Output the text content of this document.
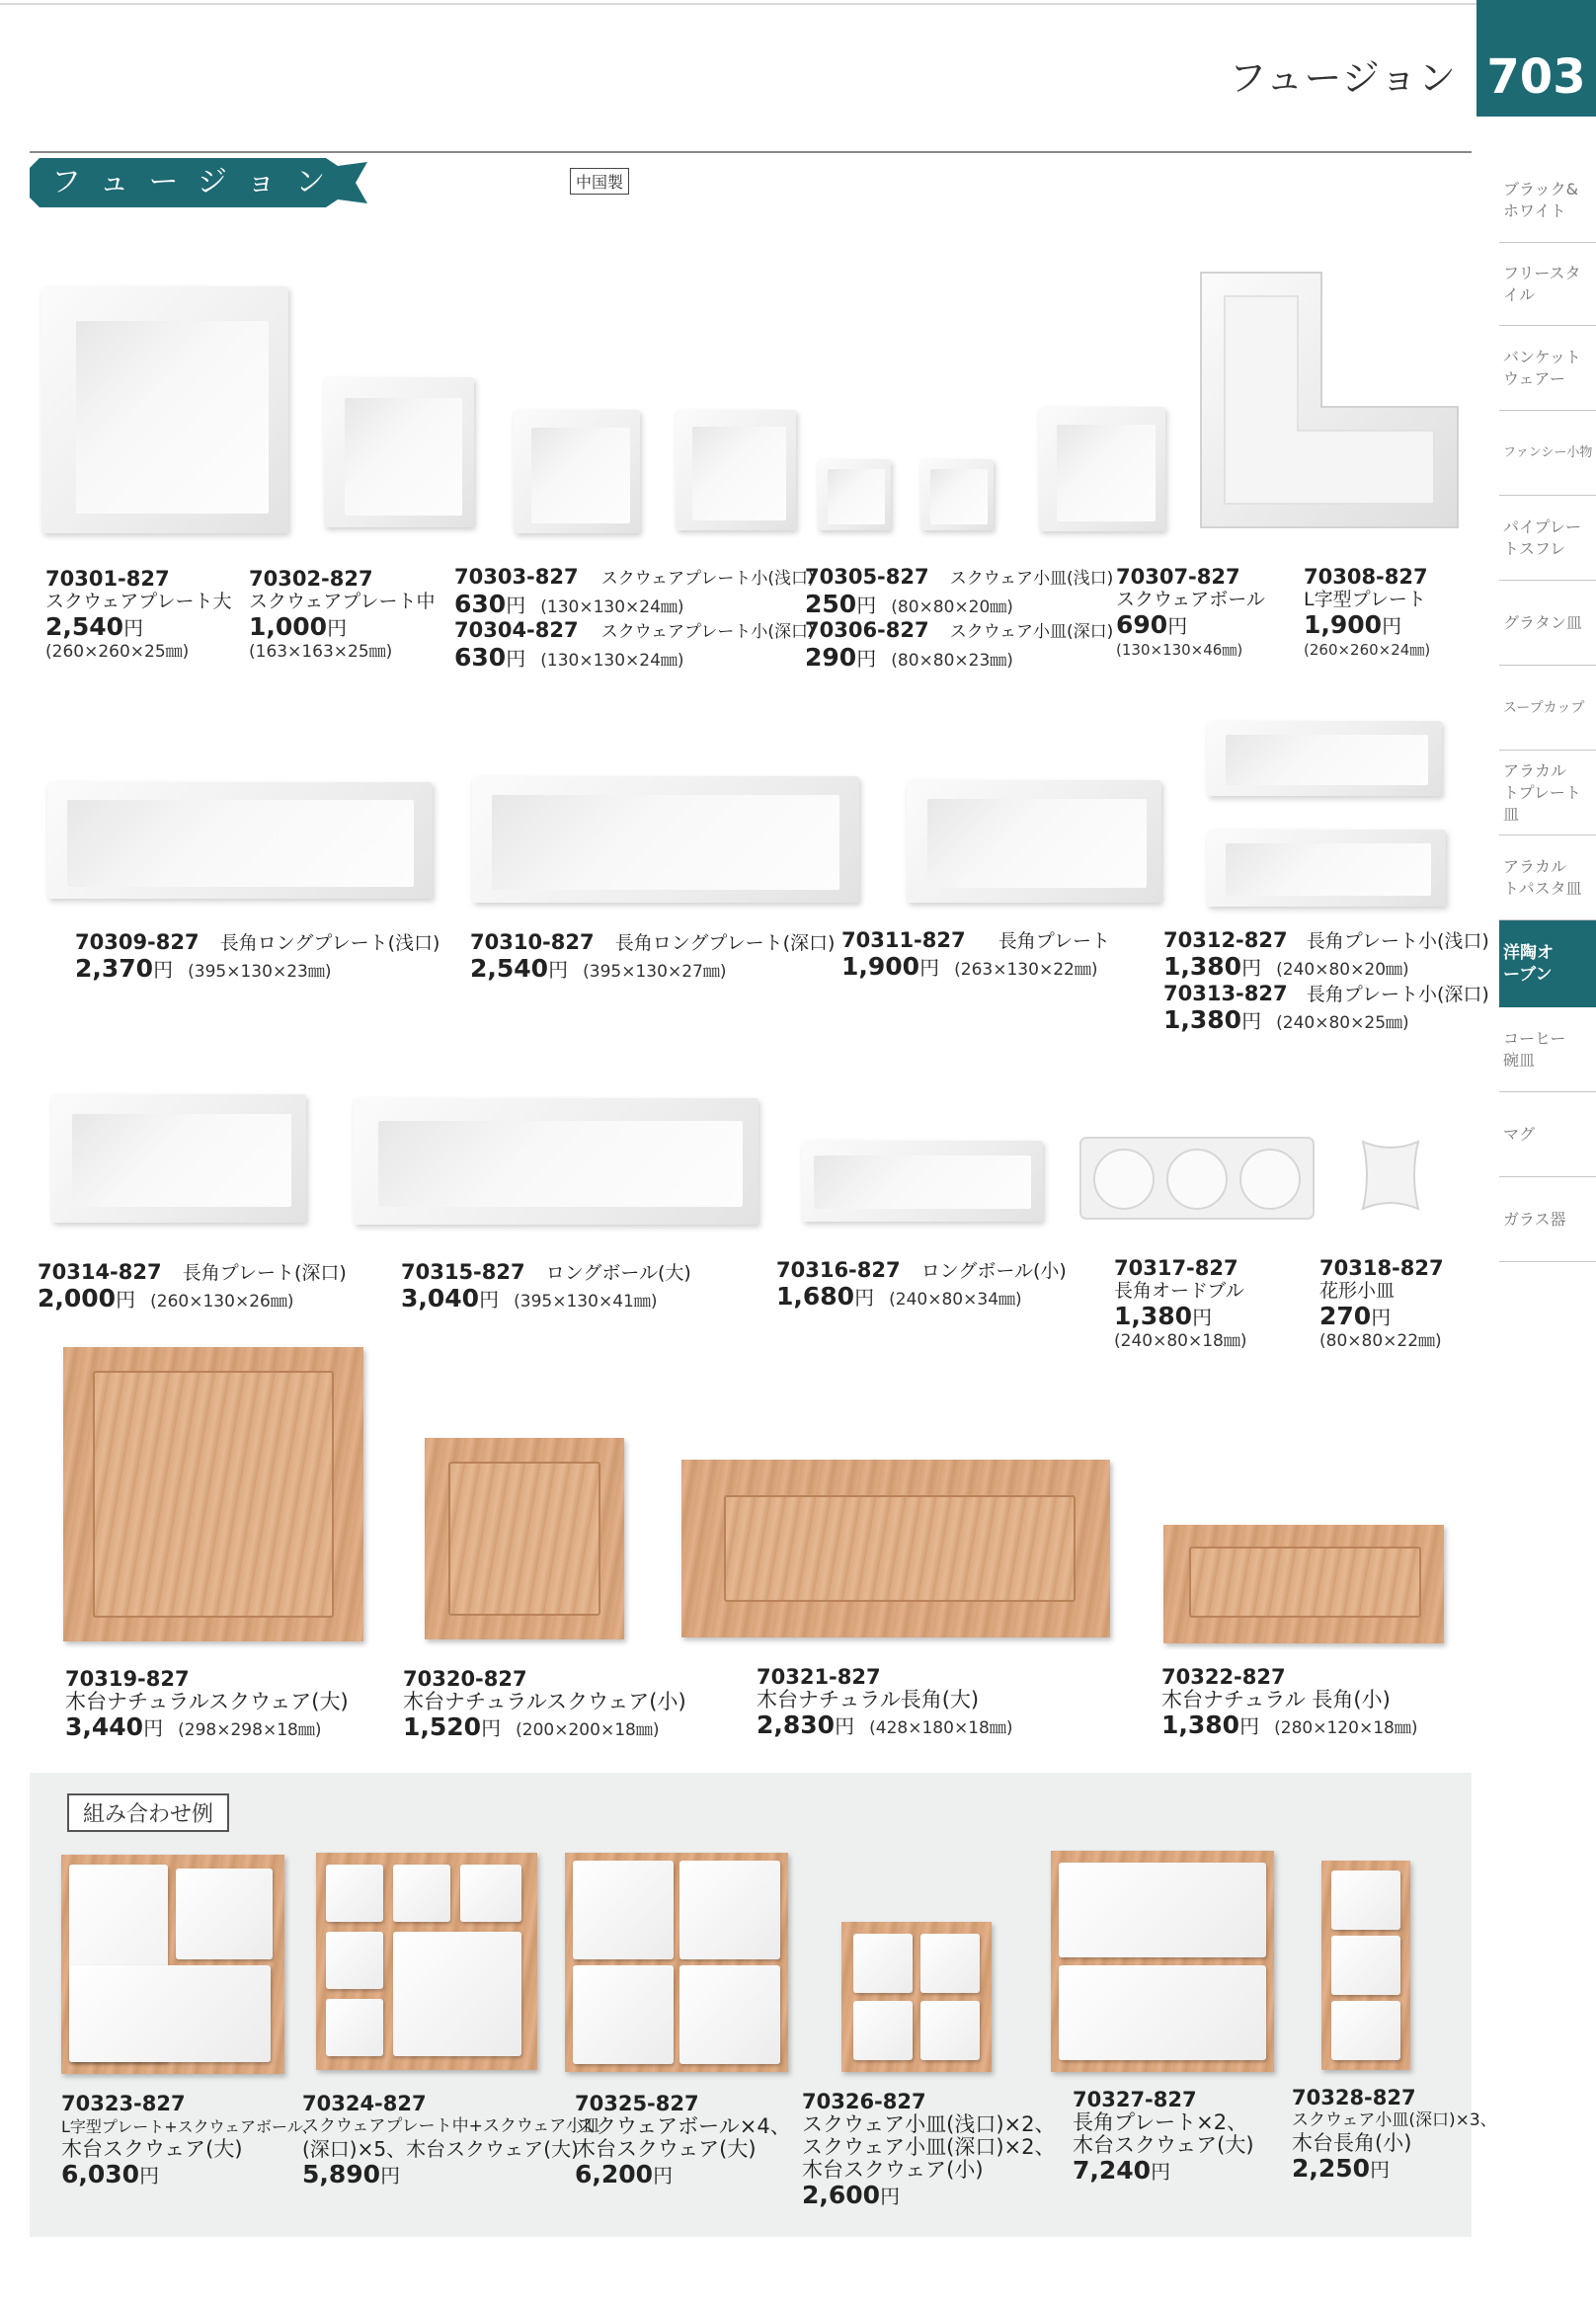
フュージョン 703
フュージョン	中国製	ブラック&ホワイト
フリースタイル
バンケットウェアー
ファンシー小物
パイプレートスフレ
グラタン皿
スープカップ
アラカルトプレート皿
アラカルトパスタ皿
洋陶オーブン
コーヒー碗皿
マグ
ガラス器
70301-827
スクウェアプレート大
2,540円
(260×260×25㎜)
70302-827
スクウェアプレート中
1,000円
(163×163×25㎜)
70303-827 スクウェアプレート小(浅口)
630円 (130×130×24㎜)
70304-827 スクウェアプレート小(深口)
630円 (130×130×24㎜)
70305-827 スクウェア小皿(浅口)
250円 (80×80×20㎜)
70306-827 スクウェア小皿(深口)
290円 (80×80×23㎜)
70307-827
スクウェアボール
690円
(130×130×46㎜)
70308-827
L字型プレート
1,900円
(260×260×24㎜)
70309-827 長角ロングプレート(浅口)
2,370円 (395×130×23㎜)
70310-827 長角ロングプレート(深口)
2,540円 (395×130×27㎜)
70311-827 長角プレート
1,900円 (263×130×22㎜)
70312-827 長角プレート小(浅口)
1,380円 (240×80×20㎜)
70313-827 長角プレート小(深口)
1,380円 (240×80×25㎜)
70314-827 長角プレート(深口)
2,000円 (260×130×26㎜)
70315-827 ロングボール(大)
3,040円 (395×130×41㎜)
70316-827 ロングボール(小)
1,680円 (240×80×34㎜)
70317-827
長角オードブル
1,380円
(240×80×18㎜)
70318-827
花形小皿
270円
(80×80×22㎜)
70319-827
木台ナチュラルスクウェア(大)
3,440円 (298×298×18㎜)
70320-827
木台ナチュラルスクウェア(小)
1,520円 (200×200×18㎜)
70321-827
木台ナチュラル長角(大)
2,830円 (428×180×18㎜)
70322-827
木台ナチュラル 長角(小)
1,380円 (280×120×18㎜)
組み合わせ例
70323-827
L字型プレート+スクウェアボール、
木台スクウェア(大)
6,030円
70324-827
スクウェアプレート中+スクウェア小皿
(深口)×5、木台スクウェア(大)
5,890円
70325-827
スクウェアボール×4、
木台スクウェア(大)
6,200円
70326-827
スクウェア小皿(浅口)×2、
スクウェア小皿(深口)×2、
木台スクウェア(小)
2,600円
70327-827
長角プレート×2、
木台スクウェア(大)
7,240円
70328-827
スクウェア小皿(深口)×3、
木台長角(小)
2,250円
